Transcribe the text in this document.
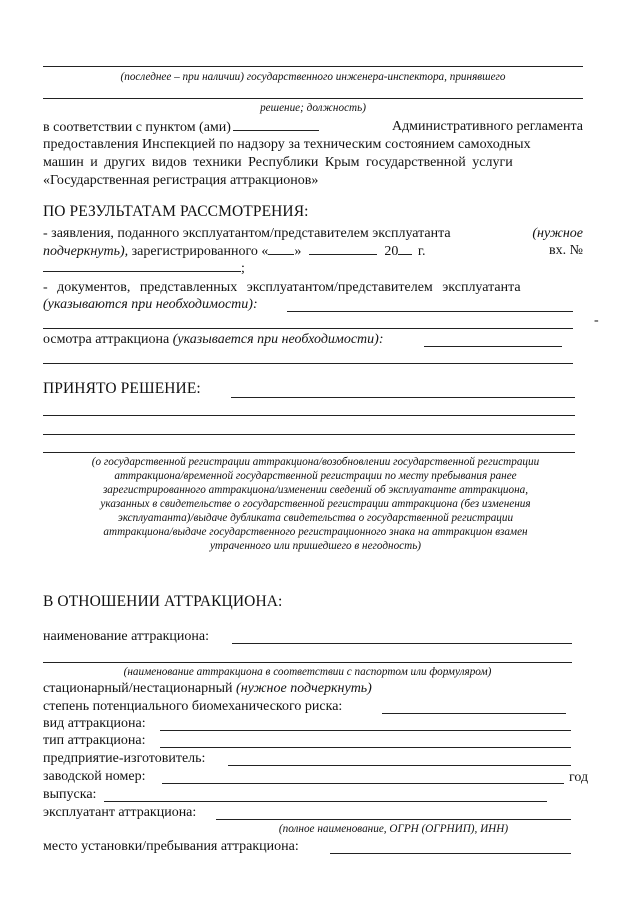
(последнее – при наличии) государственного инженера-инспектора, принявшего
решение; должность)
в соответствии с пунктом (ами)	Административного регламента
предоставления Инспекцией по надзору за техническим состоянием самоходных
машин и других видов техники Республики Крым государственной услуги
«Государственная регистрация аттракционов»
ПО РЕЗУЛЬТАТАМ РАССМОТРЕНИЯ:
- заявления, поданного эксплуатантом/представителем эксплуатанта	(нужное
подчеркнуть), зарегистрированного « »	20 г.	вх. №
;
- документов, представленных эксплуатантом/представителем эксплуатанта
(указываются при необходимости):
-
осмотра аттракциона (указывается при необходимости):
ПРИНЯТО РЕШЕНИЕ:

(о государственной регистрации аттракциона/возобновлении государственной регистрации

аттракциона/временной государственной регистрации по месту пребывания ранее

зарегистрированного аттракциона/изменении сведений об эксплуатанте аттракциона,

указанных в свидетельстве о государственной регистрации аттракциона (без изменения

эксплуатанта)/выдаче дубликата свидетельства о государственной регистрации

аттракциона/выдаче государственного регистрационного знака на аттракцион взамен

утраченного или пришедшего в негодность)

В ОТНОШЕНИИ АТТРАКЦИОНА:
наименование аттракциона:
(наименование аттракциона в соответствии с паспортом или формуляром)
стационарный/нестационарный (нужное подчеркнуть)
степень потенциального биомеханического риска:
вид аттракциона:
тип аттракциона:
предприятие-изготовитель:
заводской номер:	год
выпуска:
эксплуатант аттракциона:
(полное наименование, ОГРН (ОГРНИП), ИНН)
место установки/пребывания аттракциона:
